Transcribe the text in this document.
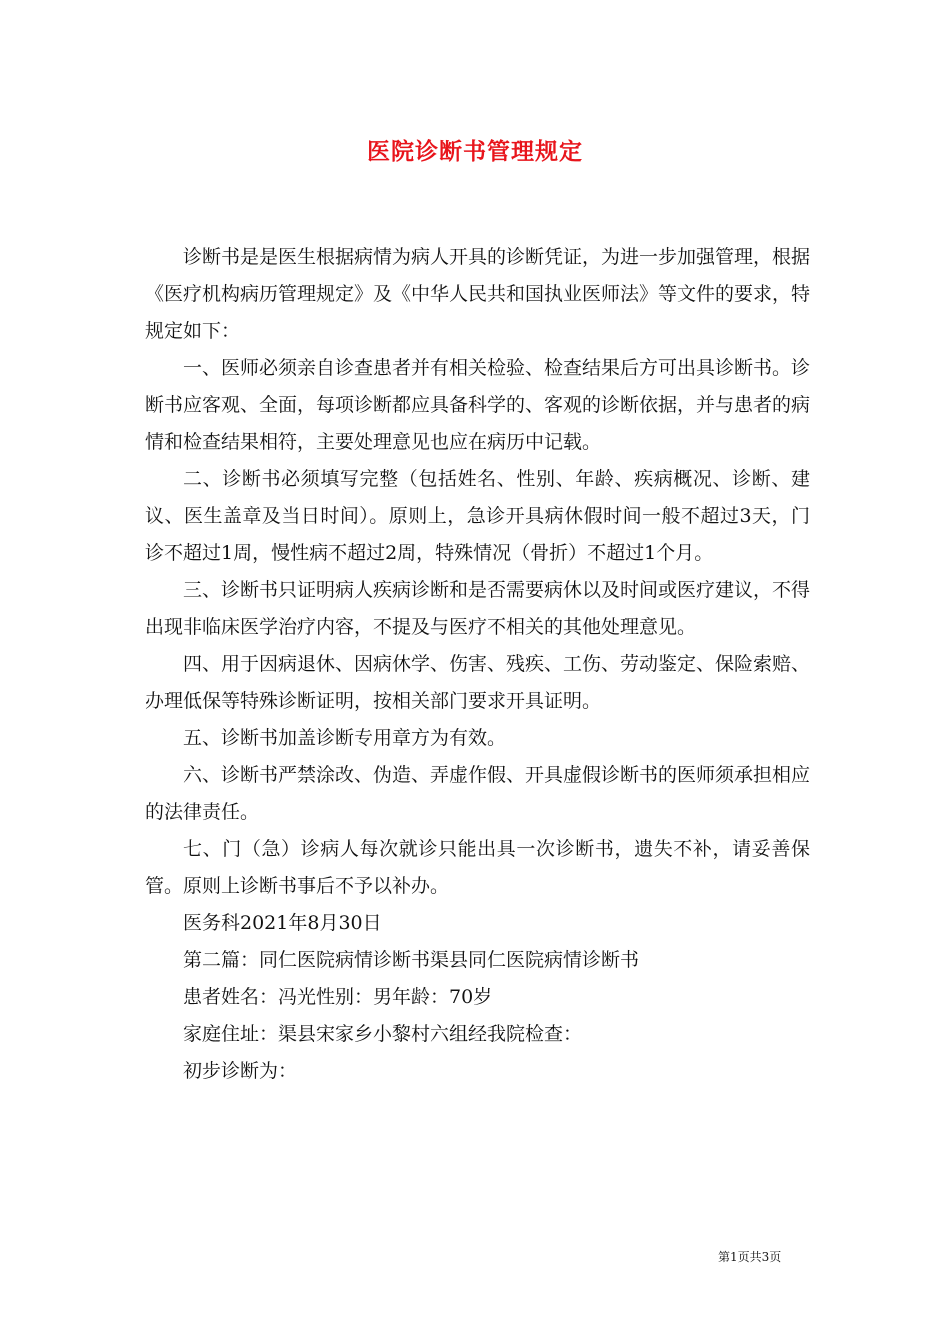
医院诊断书管理规定

诊断书是是医生根据病情为病人开具的诊断凭证，为进一步加强管理，根据《医疗机构病历管理规定》及《中华人民共和国执业医师法》等文件的要求，特规定如下：

一、医师必须亲自诊查患者并有相关检验、检查结果后方可出具诊断书。诊断书应客观、全面，每项诊断都应具备科学的、客观的诊断依据，并与患者的病情和检查结果相符，主要处理意见也应在病历中记载。

二、诊断书必须填写完整（包括姓名、性别、年龄、疾病概况、诊断、建议、医生盖章及当日时间）。原则上，急诊开具病休假时间一般不超过3天，门诊不超过1周，慢性病不超过2周，特殊情况（骨折）不超过1个月。

三、诊断书只证明病人疾病诊断和是否需要病休以及时间或医疗建议，不得出现非临床医学治疗内容，不提及与医疗不相关的其他处理意见。

四、用于因病退休、因病休学、伤害、残疾、工伤、劳动鉴定、保险索赔、办理低保等特殊诊断证明，按相关部门要求开具证明。

五、诊断书加盖诊断专用章方为有效。

六、诊断书严禁涂改、伪造、弄虚作假、开具虚假诊断书的医师须承担相应的法律责任。

七、门（急）诊病人每次就诊只能出具一次诊断书，遗失不补，请妥善保管。原则上诊断书事后不予以补办。

医务科2021年8月30日

第二篇：同仁医院病情诊断书渠县同仁医院病情诊断书

患者姓名：冯光性别：男年龄：70岁

家庭住址：渠县宋家乡小黎村六组经我院检查：

初步诊断为：

第1页共3页
